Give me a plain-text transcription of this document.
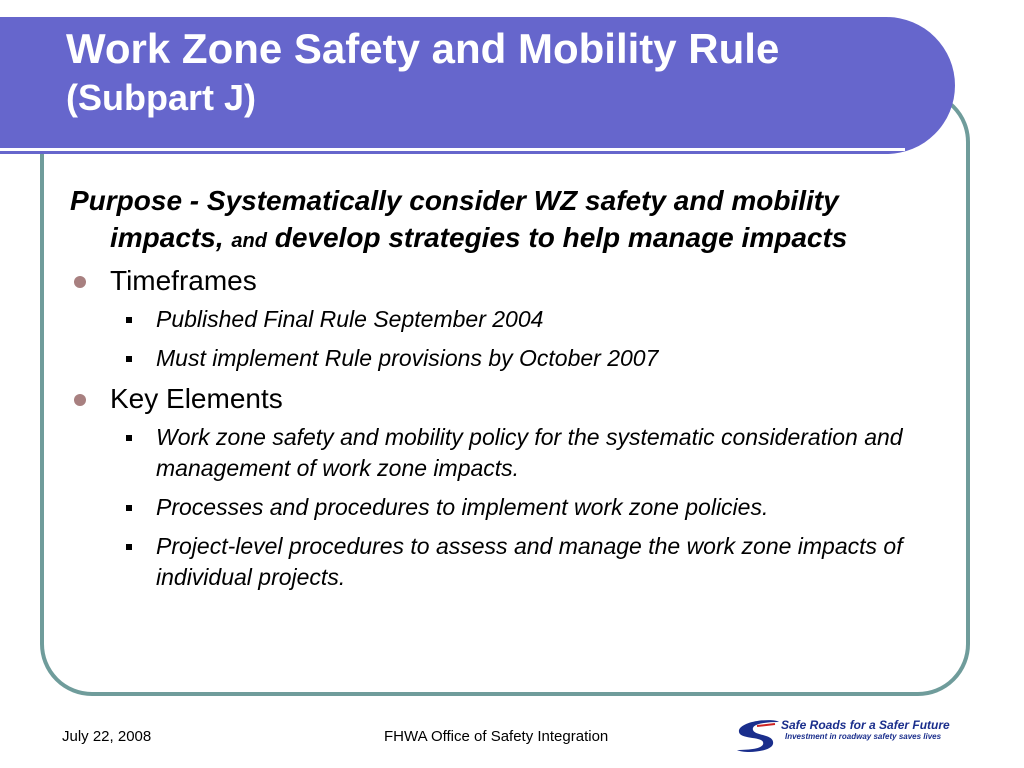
Work Zone Safety and Mobility Rule
(Subpart J)

Purpose - Systematically consider WZ safety and mobility impacts, and develop strategies to help manage impacts

Timeframes
Published Final Rule September 2004
Must implement Rule provisions by October 2007
Key Elements
Work zone safety and mobility policy for the systematic consideration and management of work zone impacts.
Processes and procedures to implement work zone policies.
Project-level procedures to assess and manage the work zone impacts of individual projects.
July 22, 2008	FHWA Office of Safety Integration
Safe Roads for a Safer Future
Investment in roadway safety saves lives
